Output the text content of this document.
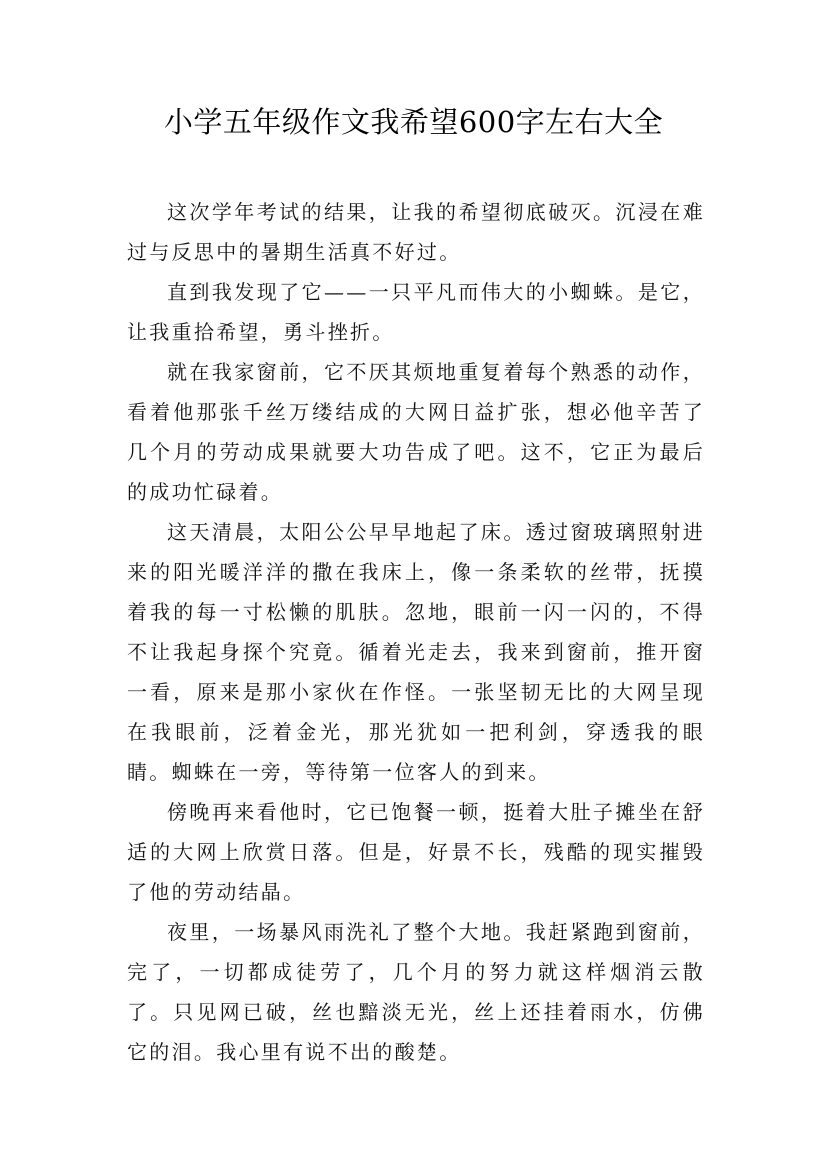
小学五年级作文我希望600字左右大全

这次学年考试的结果，让我的希望彻底破灭。沉浸在难过与反思中的暑期生活真不好过。

直到我发现了它——一只平凡而伟大的小蜘蛛。是它，让我重拾希望，勇斗挫折。

就在我家窗前，它不厌其烦地重复着每个熟悉的动作，看着他那张千丝万缕结成的大网日益扩张，想必他辛苦了几个月的劳动成果就要大功告成了吧。这不，它正为最后的成功忙碌着。

这天清晨，太阳公公早早地起了床。透过窗玻璃照射进来的阳光暖洋洋的撒在我床上，像一条柔软的丝带，抚摸着我的每一寸松懒的肌肤。忽地，眼前一闪一闪的，不得不让我起身探个究竟。循着光走去，我来到窗前，推开窗一看，原来是那小家伙在作怪。一张坚韧无比的大网呈现在我眼前，泛着金光，那光犹如一把利剑，穿透我的眼睛。蜘蛛在一旁，等待第一位客人的到来。

傍晚再来看他时，它已饱餐一顿，挺着大肚子摊坐在舒适的大网上欣赏日落。但是，好景不长，残酷的现实摧毁了他的劳动结晶。

夜里，一场暴风雨洗礼了整个大地。我赶紧跑到窗前，完了，一切都成徒劳了，几个月的努力就这样烟消云散了。只见网已破，丝也黯淡无光，丝上还挂着雨水，仿佛它的泪。我心里有说不出的酸楚。
